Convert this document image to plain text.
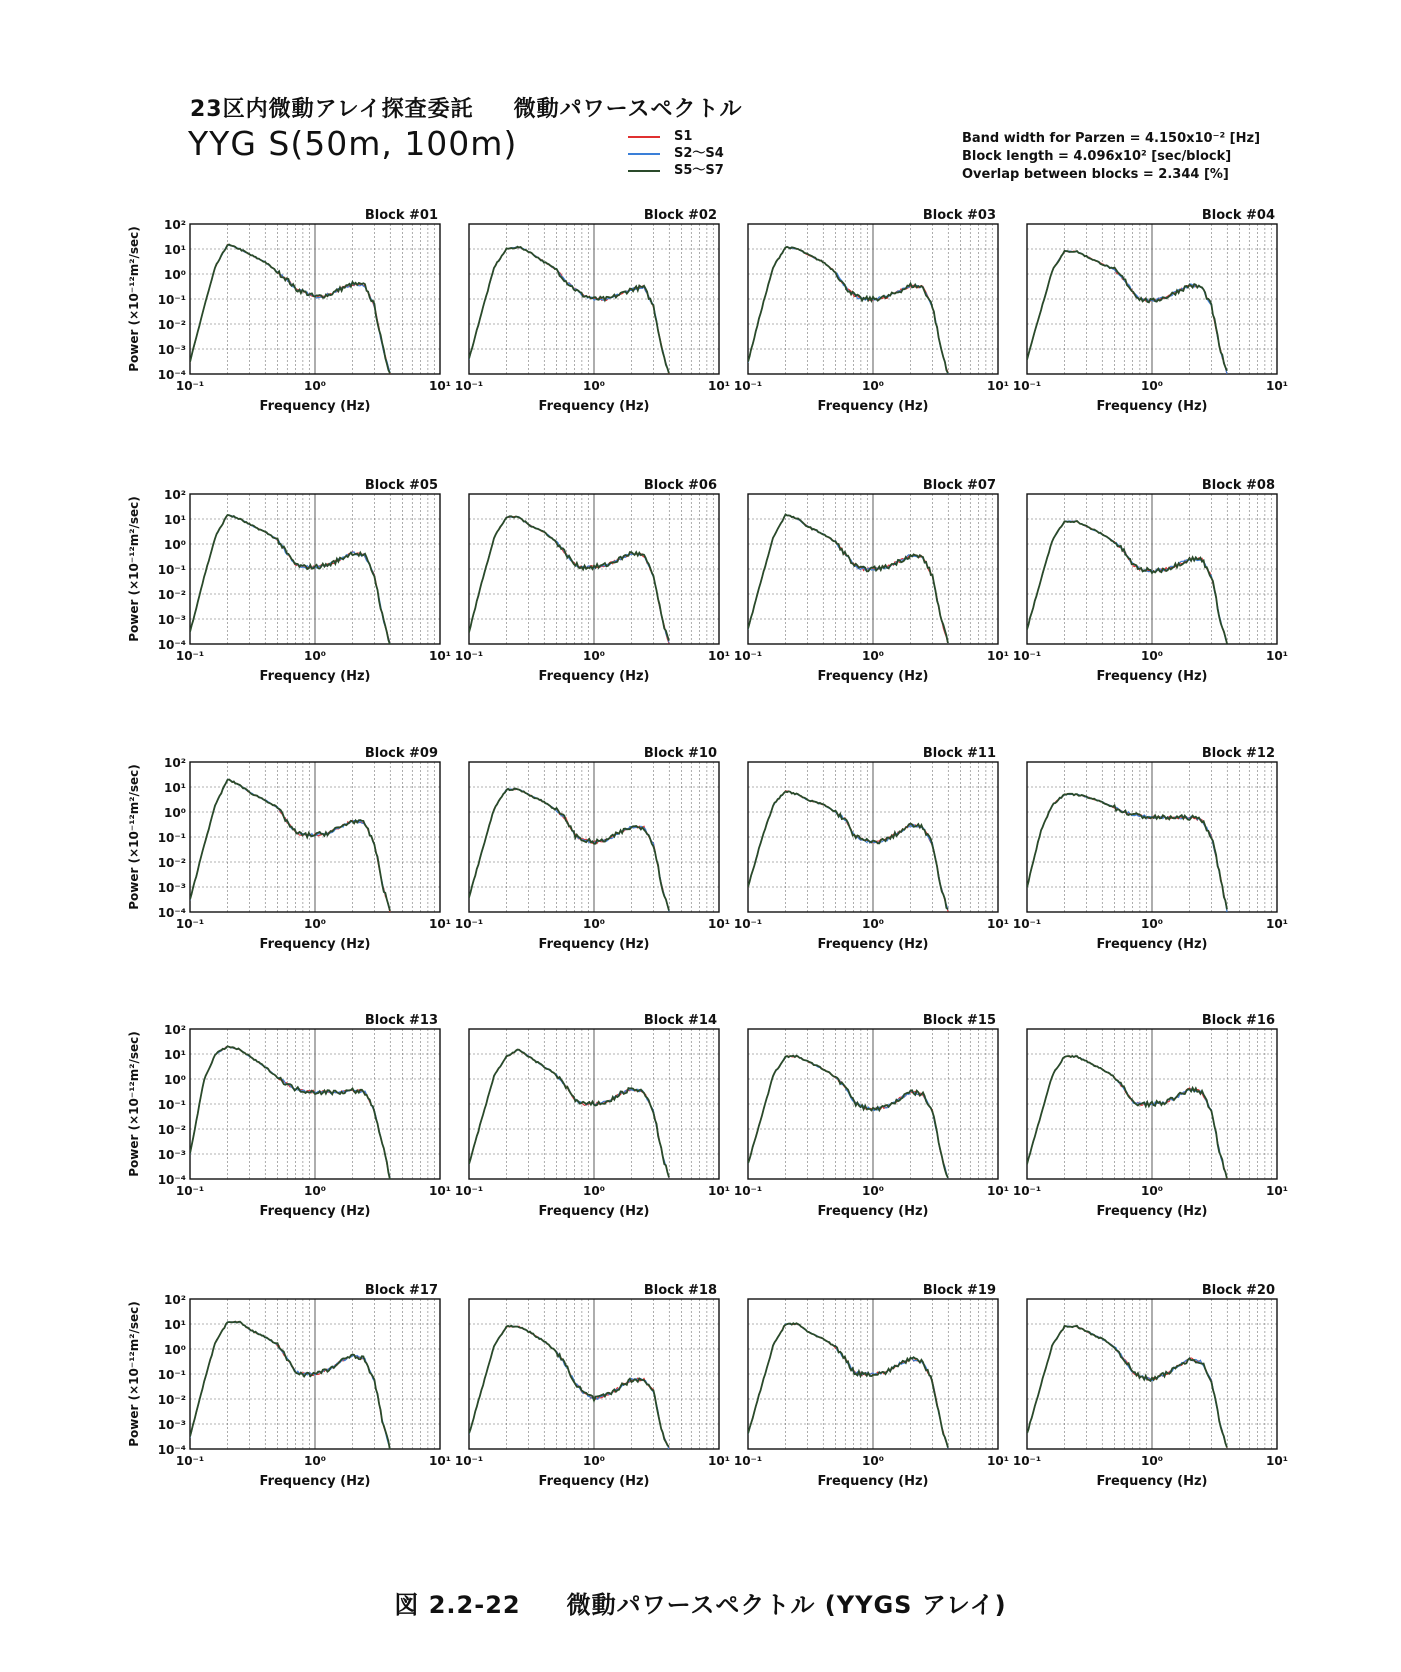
23区内微動アレイ探査委託 微動パワースペクトル
YYG S(50m, 100m)	S1
S2～S4
S5～S7
Band width for Parzen = 4.150x10⁻² [Hz]
Block length = 4.096x10² [sec/block]
Overlap between blocks = 2.344 [%]
Block #01
10²
10¹
10⁰
10⁻¹
10⁻²
10⁻³
10⁻⁴
Power (×10⁻¹²m²/sec)
10⁻¹	10⁰	10¹
Frequency (Hz)
Block #02
10⁻¹	10⁰	10¹
Frequency (Hz)
Block #03
10⁻¹	10⁰	10¹
Frequency (Hz)
Block #04
10⁻¹	10⁰	10¹
Frequency (Hz)
Block #05
10²
10¹
10⁰
10⁻¹
10⁻²
10⁻³
10⁻⁴
Power (×10⁻¹²m²/sec)
10⁻¹	10⁰	10¹
Frequency (Hz)
Block #06
10⁻¹	10⁰	10¹
Frequency (Hz)
Block #07
10⁻¹	10⁰	10¹
Frequency (Hz)
Block #08
10⁻¹	10⁰	10¹
Frequency (Hz)
Block #09
10²
10¹
10⁰
10⁻¹
10⁻²
10⁻³
10⁻⁴
Power (×10⁻¹²m²/sec)
10⁻¹	10⁰	10¹
Frequency (Hz)
Block #10
10⁻¹	10⁰	10¹
Frequency (Hz)
Block #11
10⁻¹	10⁰	10¹
Frequency (Hz)
Block #12
10⁻¹	10⁰	10¹
Frequency (Hz)
Block #13
10²
10¹
10⁰
10⁻¹
10⁻²
10⁻³
10⁻⁴
Power (×10⁻¹²m²/sec)
10⁻¹	10⁰	10¹
Frequency (Hz)
Block #14
10⁻¹	10⁰	10¹
Frequency (Hz)
Block #15
10⁻¹	10⁰	10¹
Frequency (Hz)
Block #16
10⁻¹	10⁰	10¹
Frequency (Hz)
Block #17
10²
10¹
10⁰
10⁻¹
10⁻²
10⁻³
10⁻⁴
Power (×10⁻¹²m²/sec)
10⁻¹	10⁰	10¹
Frequency (Hz)
Block #18
10⁻¹	10⁰	10¹
Frequency (Hz)
Block #19
10⁻¹	10⁰	10¹
Frequency (Hz)
Block #20
10⁻¹	10⁰	10¹
Frequency (Hz)
図 2.2-22 微動パワースペクトル (YYGS アレイ)
